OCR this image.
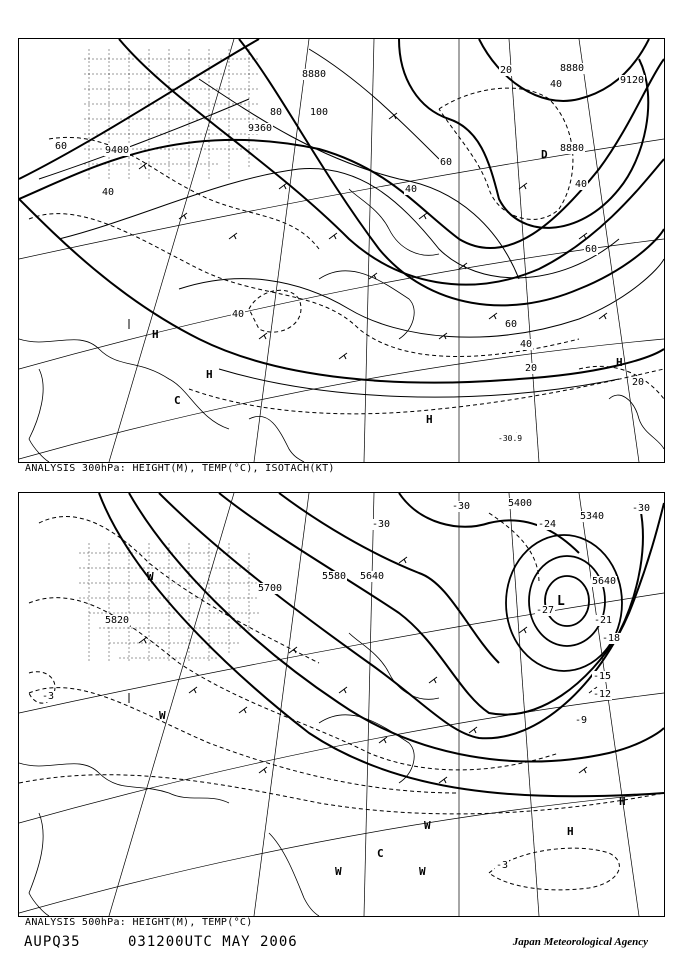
8880
8880
9360
9400	8880
9120
40
60
80	100
40
60
20
40
60
40
20
20
40
60
40
-30.9
H
H
H
H
C
D
ANALYSIS 300hPa: HEIGHT(M), TEMP(°C), ISOTACH(KT)
5400
5340
5580
5700
5820
5640	5640
-30
-30	-30
-24
-27
-21
-18
-15
-12
-9
-3
-3
L
W
W
W
W
C
H
H
W
ANALYSIS 500hPa: HEIGHT(M), TEMP(°C)
AUPQ35	031200UTC MAY 2006	Japan Meteorological Agency
